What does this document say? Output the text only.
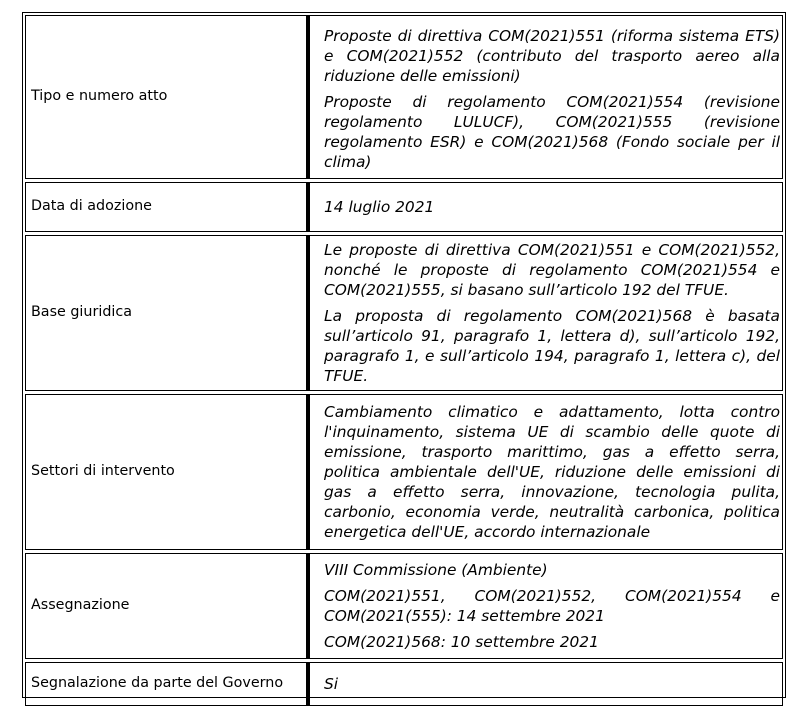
Tipo e numero atto	Proposte di direttiva COM(2021)551 (riforma sistema ETS) e COM(2021)552 (contributo del trasporto aereo alla riduzione delle emissioni)

Proposte di regolamento COM(2021)554 (revisione regolamento LULUCF), COM(2021)555 (revisione regolamento ESR) e COM(2021)568 (Fondo sociale per il clima)

Data di adozione	14 luglio 2021
Base giuridica	Le proposte di direttiva COM(2021)551 e COM(2021)552, nonché le proposte di regolamento COM(2021)554 e COM(2021)555, si basano sull’articolo 192 del TFUE.

La proposta di regolamento COM(2021)568 è basata sull’articolo 91, paragrafo 1, lettera d), sull’articolo 192, paragrafo 1, e sull’articolo 194, paragrafo 1, lettera c), del TFUE.

Settori di intervento	Cambiamento climatico e adattamento, lotta contro l'inquinamento, sistema UE di scambio delle quote di emissione, trasporto marittimo, gas a effetto serra, politica ambientale dell'UE, riduzione delle emissioni di gas a effetto serra, innovazione, tecnologia pulita, carbonio, economia verde, neutralità carbonica, politica energetica dell'UE, accordo internazionale

Assegnazione	VIII Commissione (Ambiente)

COM(2021)551, COM(2021)552, COM(2021)554 e COM(2021(555): 14 settembre 2021

COM(2021)568: 10 settembre 2021

Segnalazione da parte del Governo	Si
